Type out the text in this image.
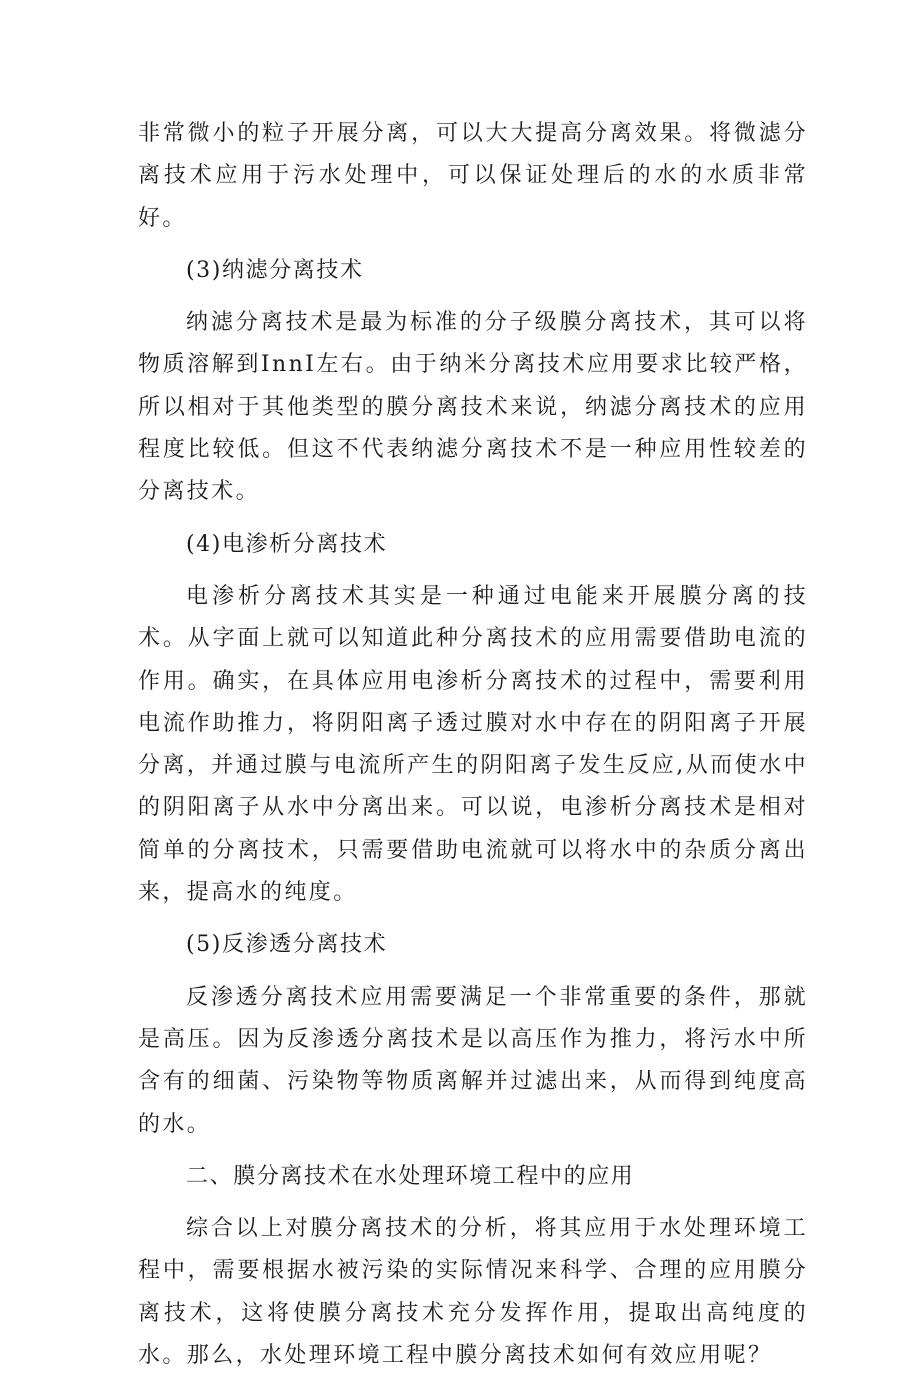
非常微小的粒子开展分离，可以大大提高分离效果。将微滤分离技术应用于污水处理中，可以保证处理后的水的水质非常好。

(3)纳滤分离技术

纳滤分离技术是最为标准的分子级膜分离技术，其可以将物质溶解到InnI左右。由于纳米分离技术应用要求比较严格，所以相对于其他类型的膜分离技术来说，纳滤分离技术的应用程度比较低。但这不代表纳滤分离技术不是一种应用性较差的分离技术。

(4)电渗析分离技术

电渗析分离技术其实是一种通过电能来开展膜分离的技术。从字面上就可以知道此种分离技术的应用需要借助电流的作用。确实，在具体应用电渗析分离技术的过程中，需要利用电流作助推力，将阴阳离子透过膜对水中存在的阴阳离子开展分离，并通过膜与电流所产生的阴阳离子发生反应,从而使水中的阴阳离子从水中分离出来。可以说，电渗析分离技术是相对简单的分离技术，只需要借助电流就可以将水中的杂质分离出来，提高水的纯度。

(5)反渗透分离技术

反渗透分离技术应用需要满足一个非常重要的条件，那就是高压。因为反渗透分离技术是以高压作为推力，将污水中所含有的细菌、污染物等物质离解并过滤出来，从而得到纯度高的水。

二、膜分离技术在水处理环境工程中的应用

综合以上对膜分离技术的分析，将其应用于水处理环境工程中，需要根据水被污染的实际情况来科学、合理的应用膜分离技术，这将使膜分离技术充分发挥作用，提取出高纯度的水。那么，水处理环境工程中膜分离技术如何有效应用呢？
